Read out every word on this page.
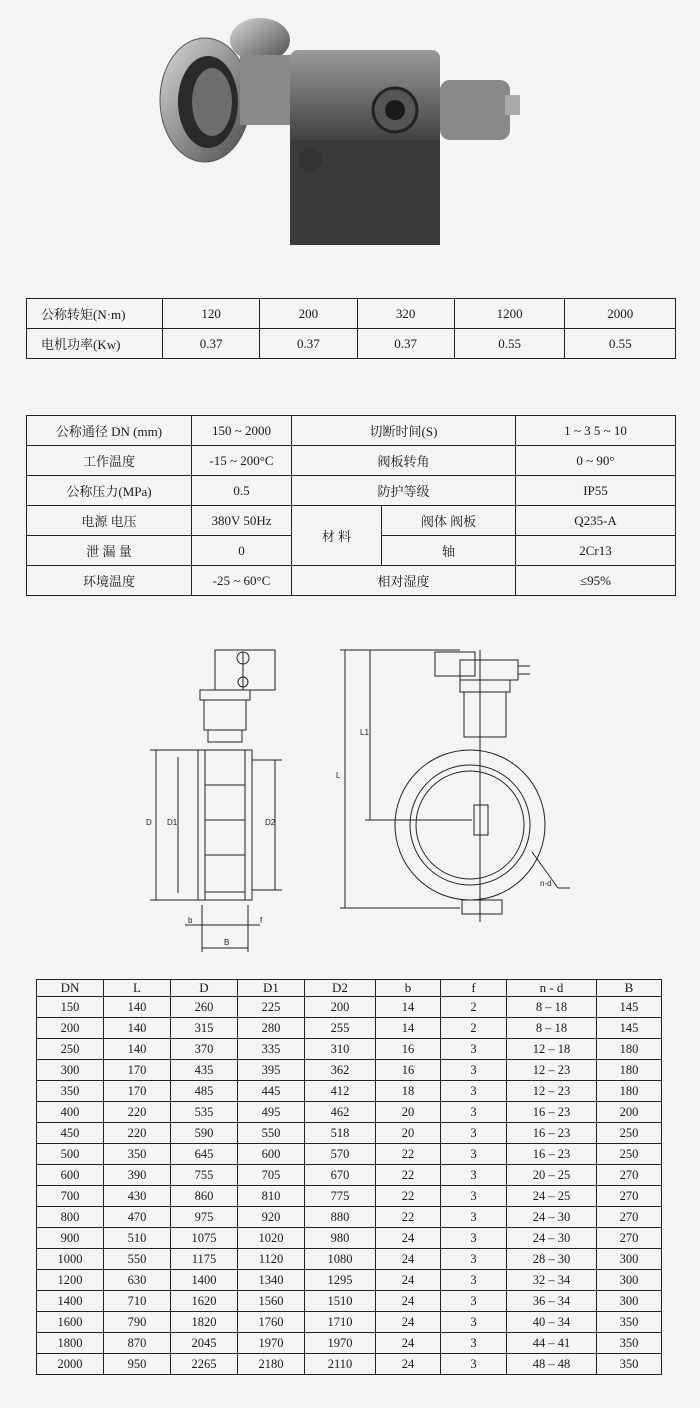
公称转矩(N·m)	120	200	320	1200	2000
电机功率(Kw)	0.37	0.37	0.37	0.55	0.55
公称通径 DN (mm)	150 ~ 2000	切断时间(S)		1 ~ 3 5 ~ 10
工作温度	-15 ~ 200°C	阀板转角		0 ~ 90°
公称压力(MPa)	0.5	防护等级		IP55
电源 电压	380V 50Hz	材 料	阀体 阀板	Q235-A
泄 漏 量	0		轴	2Cr13
环境温度	-25 ~ 60°C	相对湿度		≤95%
D D1	D2
b	f
B
L
L1
n-d
DN	L	D	D1	D2	b	f	n - d	B
150	140	260	225	200	14	2	8 – 18	145
200	140	315	280	255	14	2	8 – 18	145
250	140	370	335	310	16	3	12 – 18	180
300	170	435	395	362	16	3	12 – 23	180
350	170	485	445	412	18	3	12 – 23	180
400	220	535	495	462	20	3	16 – 23	200
450	220	590	550	518	20	3	16 – 23	250
500	350	645	600	570	22	3	16 – 23	250
600	390	755	705	670	22	3	20 – 25	270
700	430	860	810	775	22	3	24 – 25	270
800	470	975	920	880	22	3	24 – 30	270
900	510	1075	1020	980	24	3	24 – 30	270
1000	550	1175	1120	1080	24	3	28 – 30	300
1200	630	1400	1340	1295	24	3	32 – 34	300
1400	710	1620	1560	1510	24	3	36 – 34	300
1600	790	1820	1760	1710	24	3	40 – 34	350
1800	870	2045	1970	1970	24	3	44 – 41	350
2000	950	2265	2180	2110	24	3	48 – 48	350
